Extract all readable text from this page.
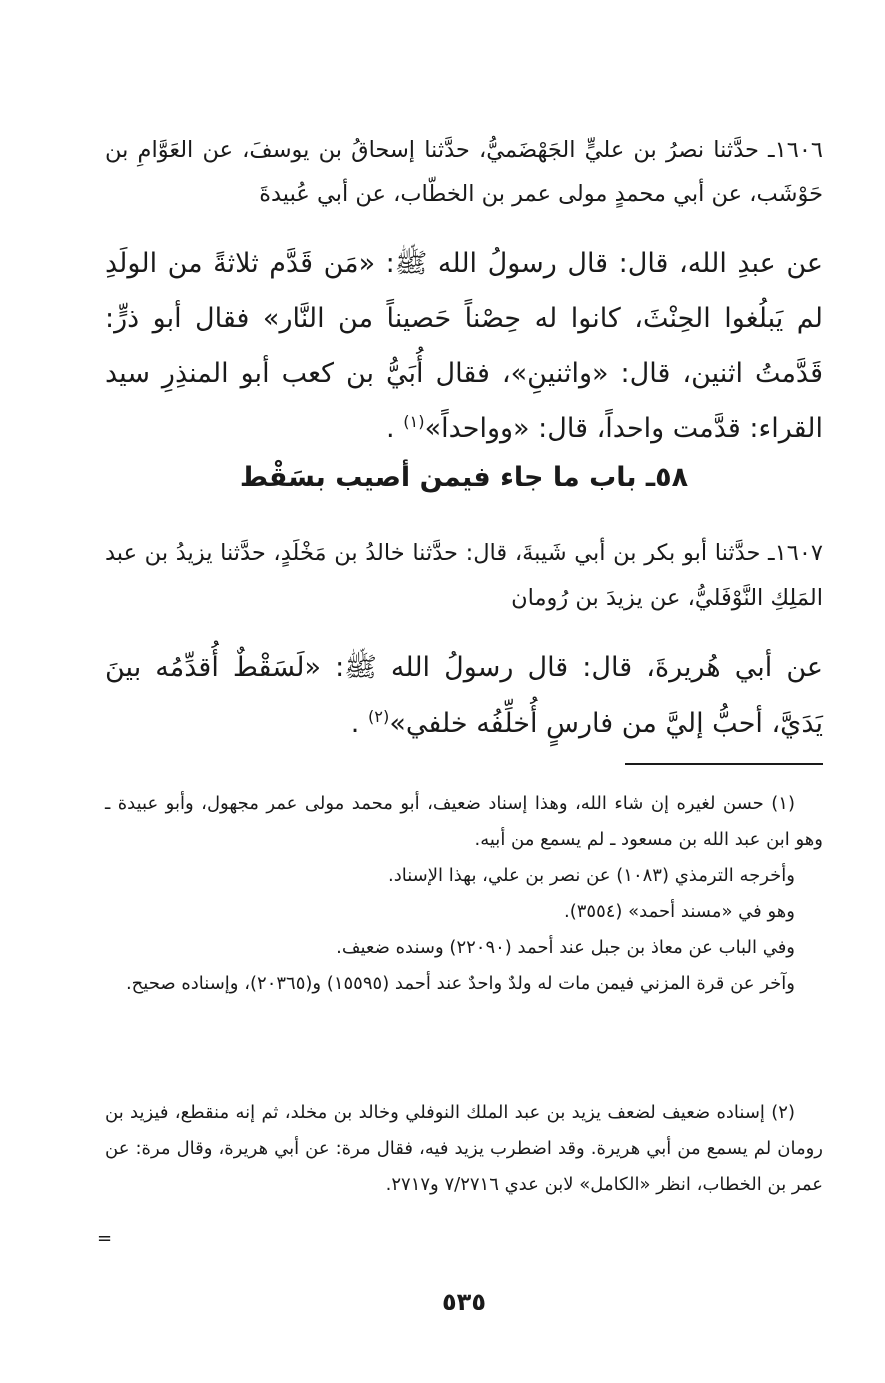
١٦٠٦ـ حدَّثنا نصرُ بن عليٍّ الجَهْضَميُّ، حدَّثنا إسحاقُ بن يوسفَ، عن العَوَّامِ بن حَوْشَب، عن أبي محمدٍ مولى عمر بن الخطّاب، عن أبي عُبيدةَ
عن عبدِ الله، قال: قال رسولُ الله ﷺ: «مَن قَدَّم ثلاثةً من الولَدِ لم يَبلُغوا الحِنْثَ، كانوا له حِصْناً حَصيناً من النَّار» فقال أبو ذرٍّ: قَدَّمتُ اثنين، قال: «واثنينِ»، فقال أُبَيُّ بن كعب أبو المنذِرِ سيد القراء: قدَّمت واحداً، قال: «وواحداً»$^{(١)}$ .
٥٨ـ باب ما جاء فيمن أصيب بسَقْط
١٦٠٧ـ حدَّثنا أبو بكر بن أبي شَيبةَ، قال: حدَّثنا خالدُ بن مَخْلَدٍ، حدَّثنا يزيدُ بن عبد المَلِكِ النَّوْفَليُّ، عن يزيدَ بن رُومان
عن أبي هُريرةَ، قال: قال رسولُ الله ﷺ: «لَسَقْطٌ أُقدِّمُه بينَ يَدَيَّ، أحبُّ إليَّ من فارسٍ أُخلِّفُه خلفي»$^{(٢)}$ .
(١) حسن لغيره إن شاء الله، وهذا إسناد ضعيف، أبو محمد مولى عمر مجهول، وأبو عبيدة ـ وهو ابن عبد الله بن مسعود ـ لم يسمع من أبيه.
وأخرجه الترمذي (١٠٨٣) عن نصر بن علي، بهذا الإسناد.
وهو في «مسند أحمد» (٣٥٥٤).
وفي الباب عن معاذ بن جبل عند أحمد (٢٢٠٩٠) وسنده ضعيف.
وآخر عن قرة المزني فيمن مات له ولدٌ واحدٌ عند أحمد (١٥٥٩٥) و(٢٠٣٦٥)، وإسناده صحيح.
(٢) إسناده ضعيف لضعف يزيد بن عبد الملك النوفلي وخالد بن مخلد، ثم إنه منقطع، فيزيد بن رومان لم يسمع من أبي هريرة. وقد اضطرب يزيد فيه، فقال مرة: عن أبي هريرة، وقال مرة: عن عمر بن الخطاب، انظر «الكامل» لابن عدي ٧/٢٧١٦ و٢٧١٧.
=
٥٣٥
